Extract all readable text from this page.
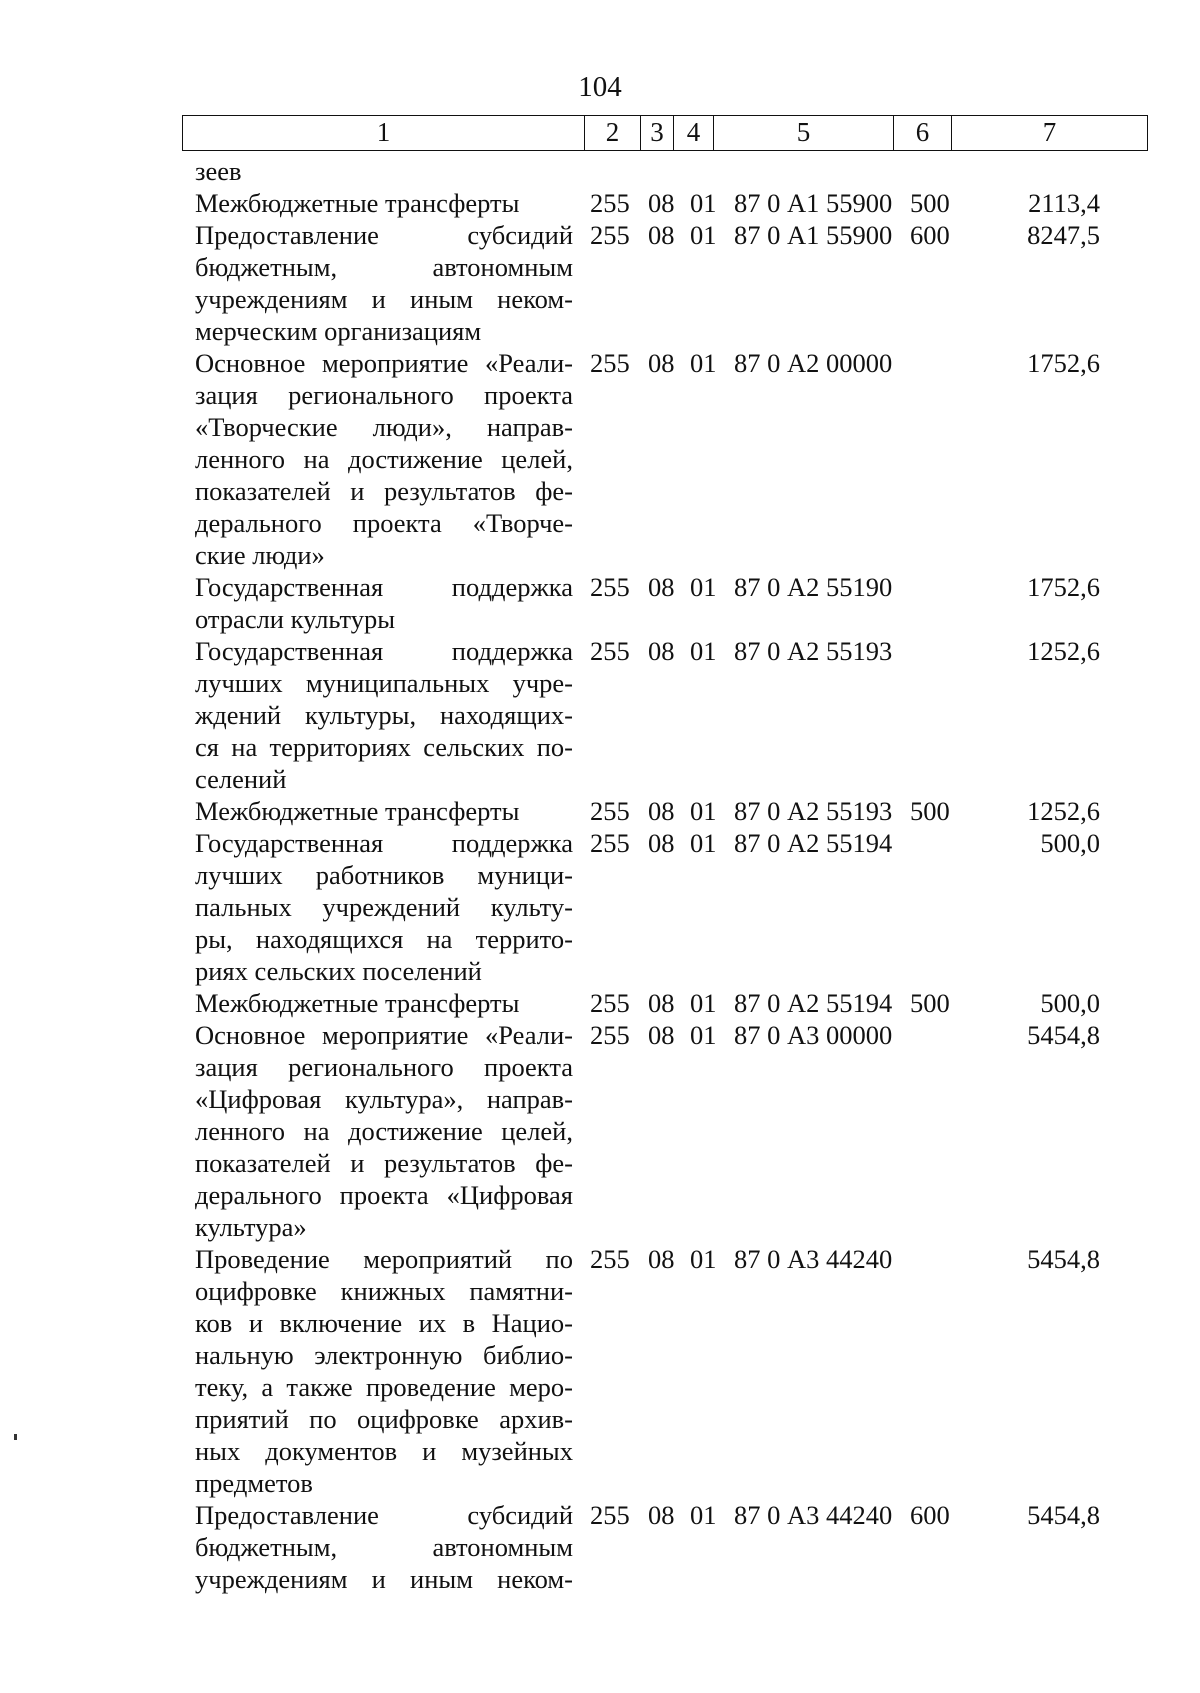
104
1	2	3 4	5	6	7
зеев
Межбюджетные трансферты	255 08 01 87 0 А1 55900 500	2113,4
Предоставление субсидий
бюджетным, автономным
учреждениям и иным неком-
мерческим организациям
255 08 01 87 0 А1 55900 600	8247,5
Основное мероприятие «Реали-
зация регионального проекта
«Творческие люди», направ-
ленного на достижение целей,
показателей и результатов фе-
дерального проекта «Творче-
ские люди»
255 08 01 87 0 А2 00000	1752,6
Государственная поддержка
отрасли культуры
255 08 01 87 0 А2 55190	1752,6
Государственная поддержка
лучших муниципальных учре-
ждений культуры, находящих-
ся на территориях сельских по-
селений
255 08 01 87 0 А2 55193	1252,6
Межбюджетные трансферты	255 08 01 87 0 А2 55193 500	1252,6
Государственная поддержка
лучших работников муници-
пальных учреждений культу-
ры, находящихся на террито-
риях сельских поселений
255 08 01 87 0 А2 55194	500,0
Межбюджетные трансферты	255 08 01 87 0 А2 55194 500	500,0
Основное мероприятие «Реали-
зация регионального проекта
«Цифровая культура», направ-
ленного на достижение целей,
показателей и результатов фе-
дерального проекта «Цифровая
культура»
255 08 01 87 0 А3 00000	5454,8
Проведение мероприятий по
оцифровке книжных памятни-
ков и включение их в Нацио-
нальную электронную библио-
теку, а также проведение меро-
приятий по оцифровке архив-
ных документов и музейных
предметов
255 08 01 87 0 А3 44240	5454,8
Предоставление субсидий
бюджетным, автономным
учреждениям и иным неком-
255 08 01 87 0 А3 44240 600	5454,8
